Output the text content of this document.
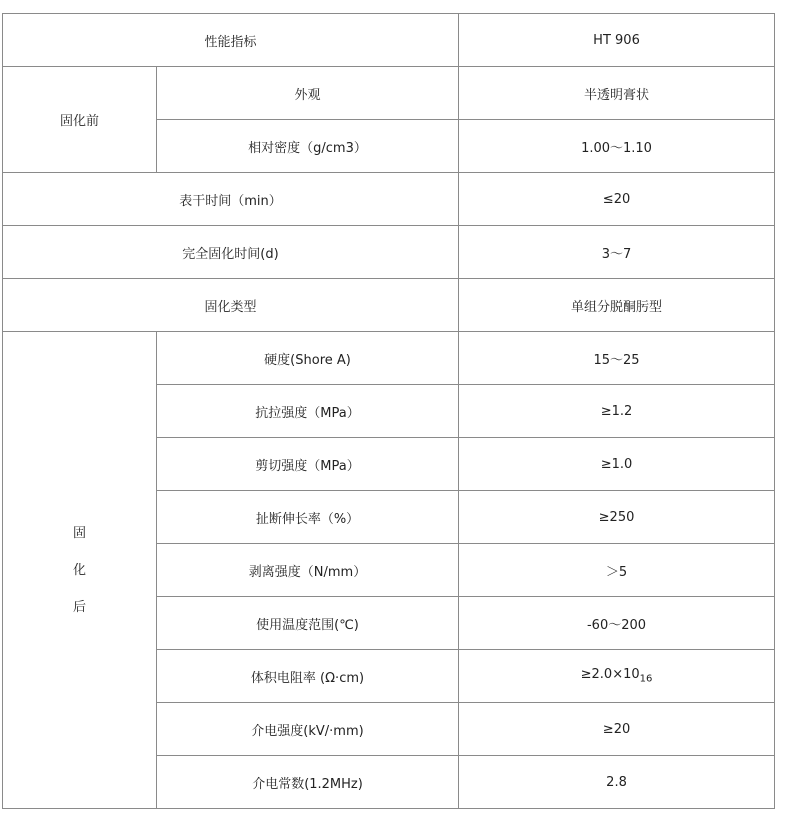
性能指标		HT 906
固化前	外观	半透明膏状
	相对密度（g/cm3）	1.00～1.10
表干时间（min）		≤20
完全固化时间(d)		3～7
固化类型		单组分脱酮肟型

固
化
后	硬度(Shore A)	15～25
	抗拉强度（MPa）	≥1.2
	剪切强度（MPa）	≥1.0
	扯断伸长率（%）	≥250
	剥离强度（N/mm）	＞5
	使用温度范围(℃)	-60～200
	体积电阻率 (Ω·cm)	$\ge 2.0\times 10_{16}$
	介电强度(kV/·mm)	≥20
	介电常数(1.2MHz)	2.8
